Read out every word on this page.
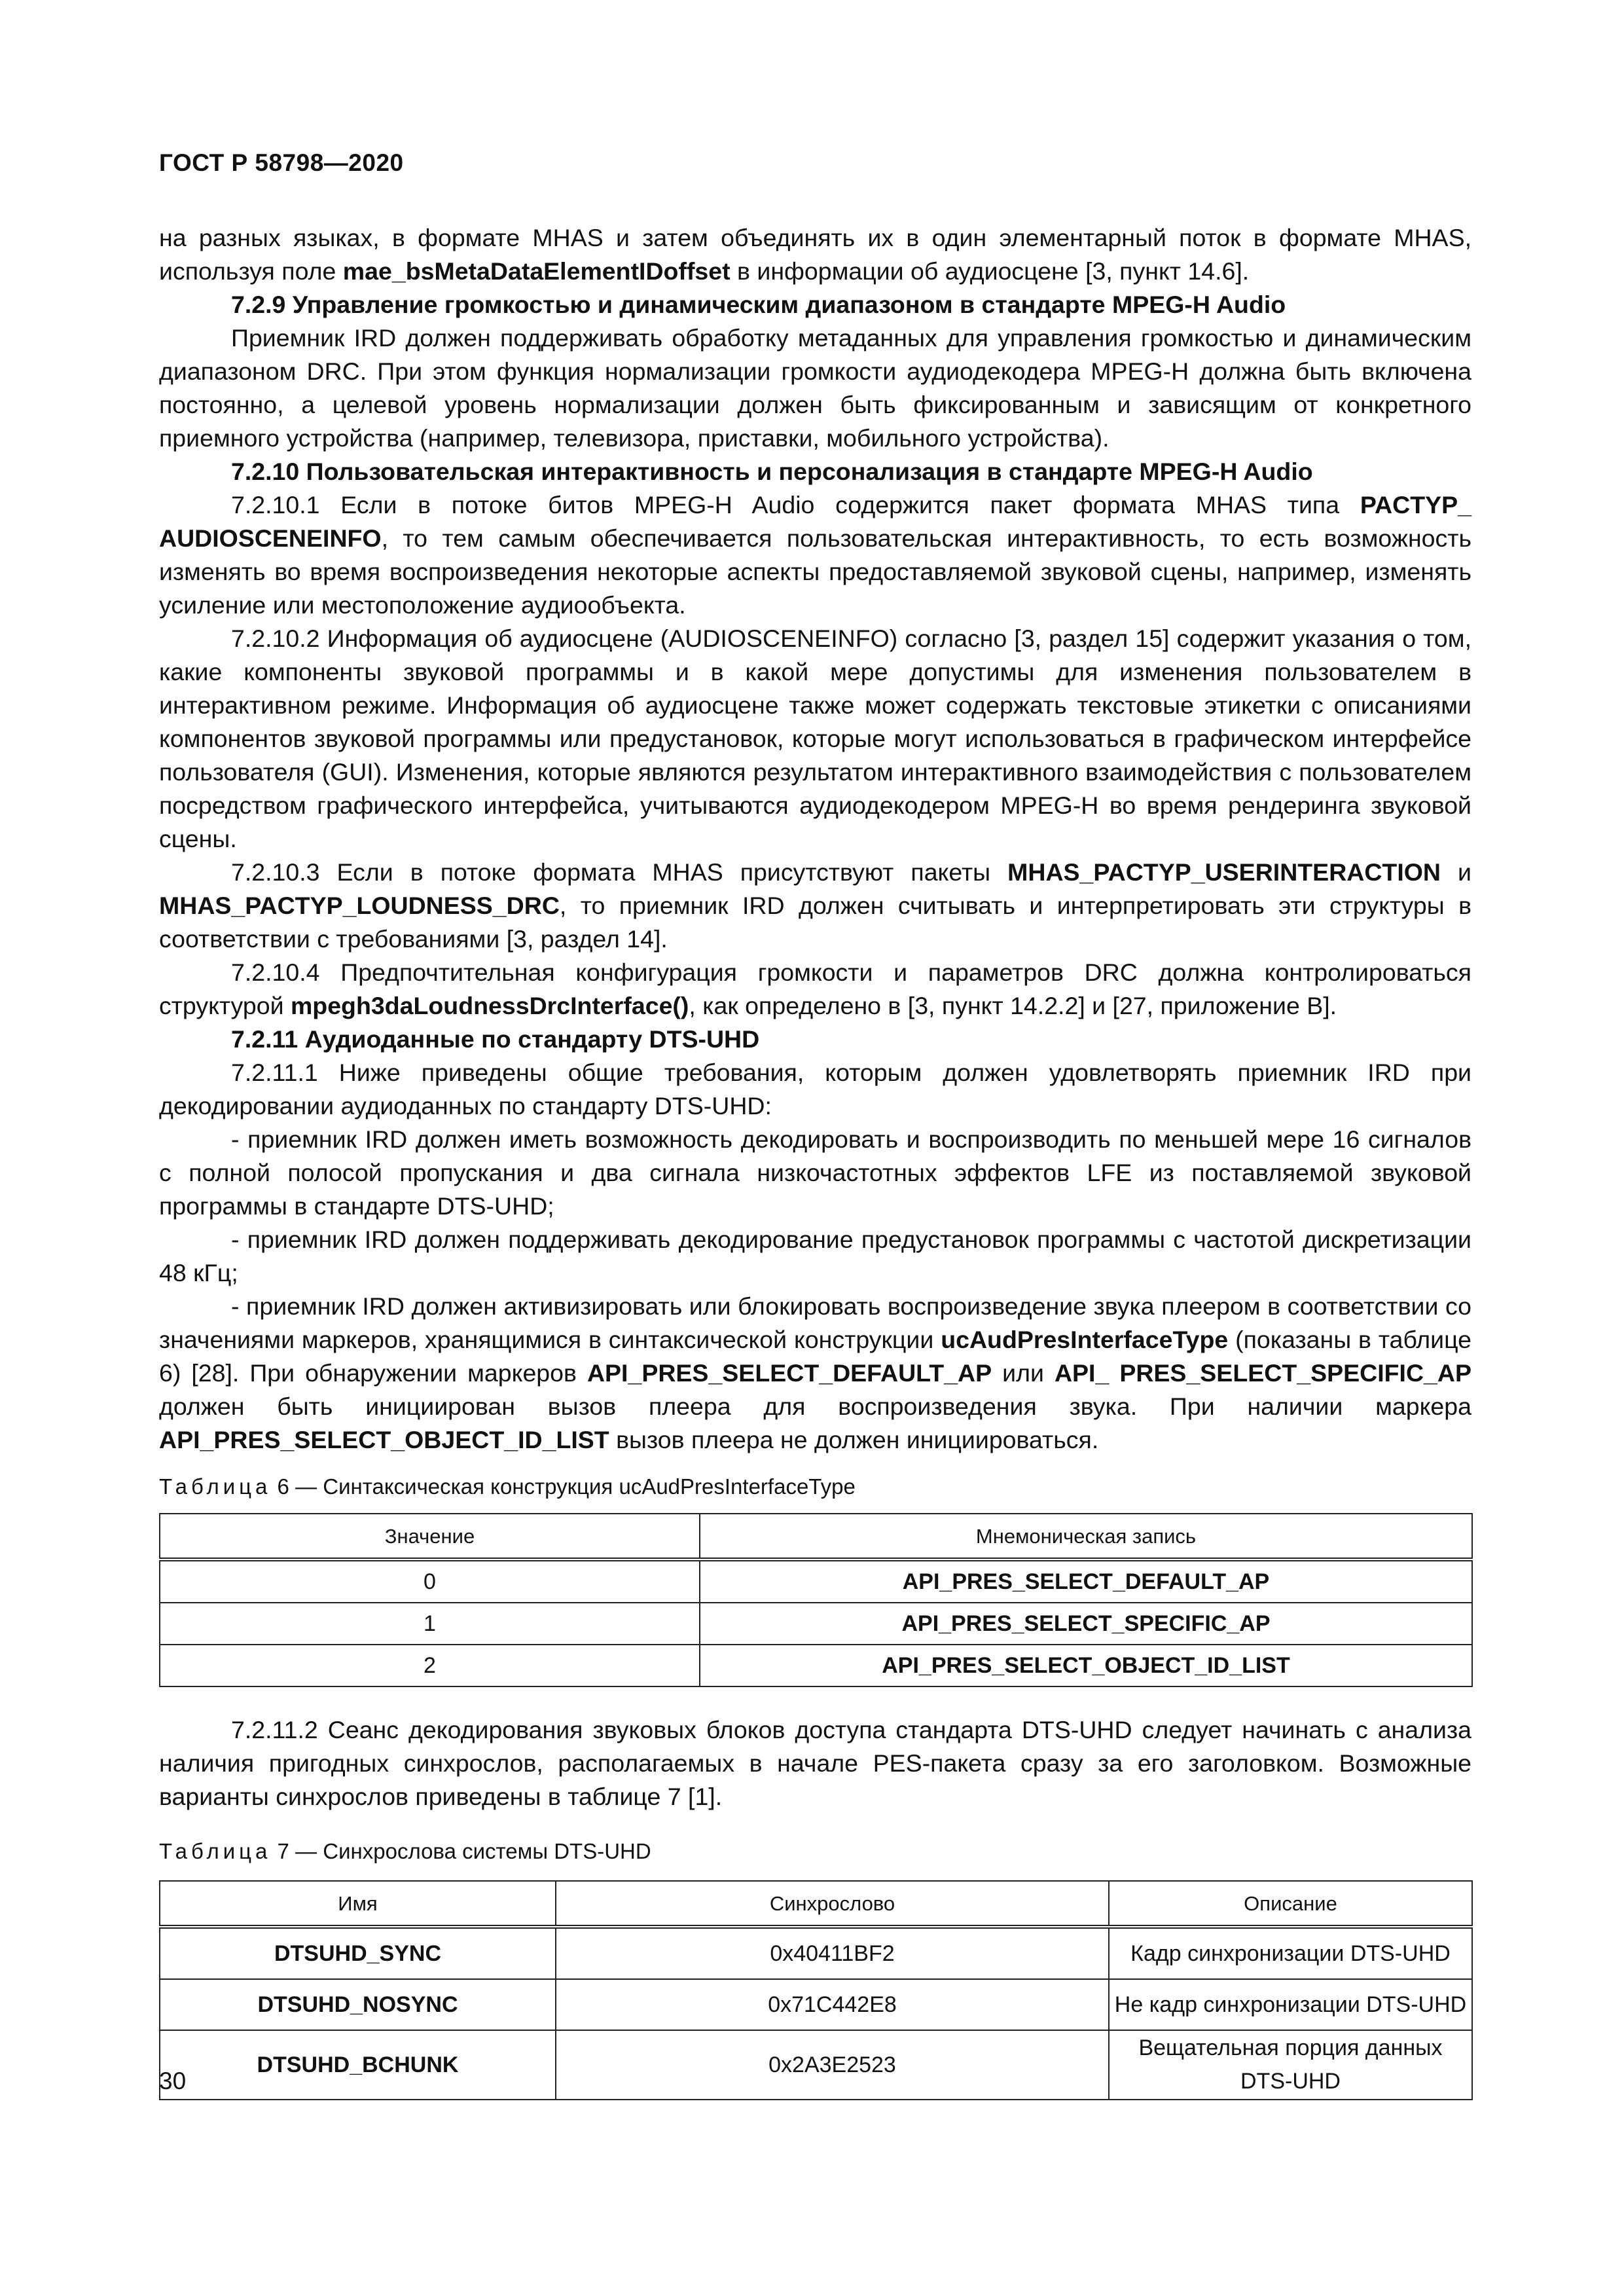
ГОСТ Р 58798—2020

на разных языках, в формате MHAS и затем объединять их в один элементарный поток в формате MHAS, используя поле mae_bsMetaDataElementIDoffset в информации об аудиосцене [3, пункт 14.6].

7.2.9 Управление громкостью и динамическим диапазоном в стандарте MPEG-H Audio

Приемник IRD должен поддерживать обработку метаданных для управления громкостью и динамическим диапазоном DRC. При этом функция нормализации громкости аудиодекодера MPEG-H должна быть включена постоянно, а целевой уровень нормализации должен быть фиксированным и зависящим от конкретного приемного устройства (например, телевизора, приставки, мобильного устройства).

7.2.10 Пользовательская интерактивность и персонализация в стандарте MPEG-H Audio

7.2.10.1 Если в потоке битов MPEG-H Audio содержится пакет формата MHAS типа PACTYP_ AUDIOSCENEINFO, то тем самым обеспечивается пользовательская интерактивность, то есть возможность изменять во время воспроизведения некоторые аспекты предоставляемой звуковой сцены, например, изменять усиление или местоположение аудиообъекта.

7.2.10.2 Информация об аудиосцене (AUDIOSCENEINFO) согласно [3, раздел 15] содержит указания о том, какие компоненты звуковой программы и в какой мере допустимы для изменения пользователем в интерактивном режиме. Информация об аудиосцене также может содержать текстовые этикетки с описаниями компонентов звуковой программы или предустановок, которые могут использоваться в графическом интерфейсе пользователя (GUI). Изменения, которые являются результатом интерактивного взаимодействия с пользователем посредством графического интерфейса, учитываются аудиодекодером MPEG-H во время рендеринга звуковой сцены.

7.2.10.3 Если в потоке формата MHAS присутствуют пакеты MHAS_PACTYP_USERINTERACTION и MHAS_PACTYP_LOUDNESS_DRC, то приемник IRD должен считывать и интерпретировать эти структуры в соответствии с требованиями [3, раздел 14].

7.2.10.4 Предпочтительная конфигурация громкости и параметров DRC должна контролироваться структурой mpegh3daLoudnessDrcInterface(), как определено в [3, пункт 14.2.2] и [27, приложение B].

7.2.11 Аудиоданные по стандарту DTS-UHD

7.2.11.1 Ниже приведены общие требования, которым должен удовлетворять приемник IRD при декодировании аудиоданных по стандарту DTS-UHD:

- приемник IRD должен иметь возможность декодировать и воспроизводить по меньшей мере 16 сигналов с полной полосой пропускания и два сигнала низкочастотных эффектов LFE из поставляемой звуковой программы в стандарте DTS-UHD;

- приемник IRD должен поддерживать декодирование предустановок программы с частотой дискретизации 48 кГц;

- приемник IRD должен активизировать или блокировать воспроизведение звука плеером в соответствии со значениями маркеров, хранящимися в синтаксической конструкции ucAudPresInterfaceType (показаны в таблице 6) [28]. При обнаружении маркеров API_PRES_SELECT_DEFAULT_AP или API_ PRES_SELECT_SPECIFIC_AP должен быть инициирован вызов плеера для воспроизведения звука. При наличии маркера API_PRES_SELECT_OBJECT_ID_LIST вызов плеера не должен инициироваться.

Таблица 6 — Синтаксическая конструкция ucAudPresInterfaceType

Значение	Мнемоническая запись
0	API_PRES_SELECT_DEFAULT_AP
1	API_PRES_SELECT_SPECIFIC_AP
2	API_PRES_SELECT_OBJECT_ID_LIST

7.2.11.2 Сеанс декодирования звуковых блоков доступа стандарта DTS-UHD следует начинать с анализа наличия пригодных синхрослов, располагаемых в начале PES-пакета сразу за его заголовком. Возможные варианты синхрослов приведены в таблице 7 [1].

Таблица 7 — Синхрослова системы DTS-UHD

Имя	Синхрослово	Описание
DTSUHD_SYNC	0x40411BF2	Кадр синхронизации DTS-UHD
DTSUHD_NOSYNC	0x71C442E8	Не кадр синхронизации DTS-UHD
DTSUHD_BCHUNK	0x2A3E2523	Вещательная порция данных DTS-UHD
30
